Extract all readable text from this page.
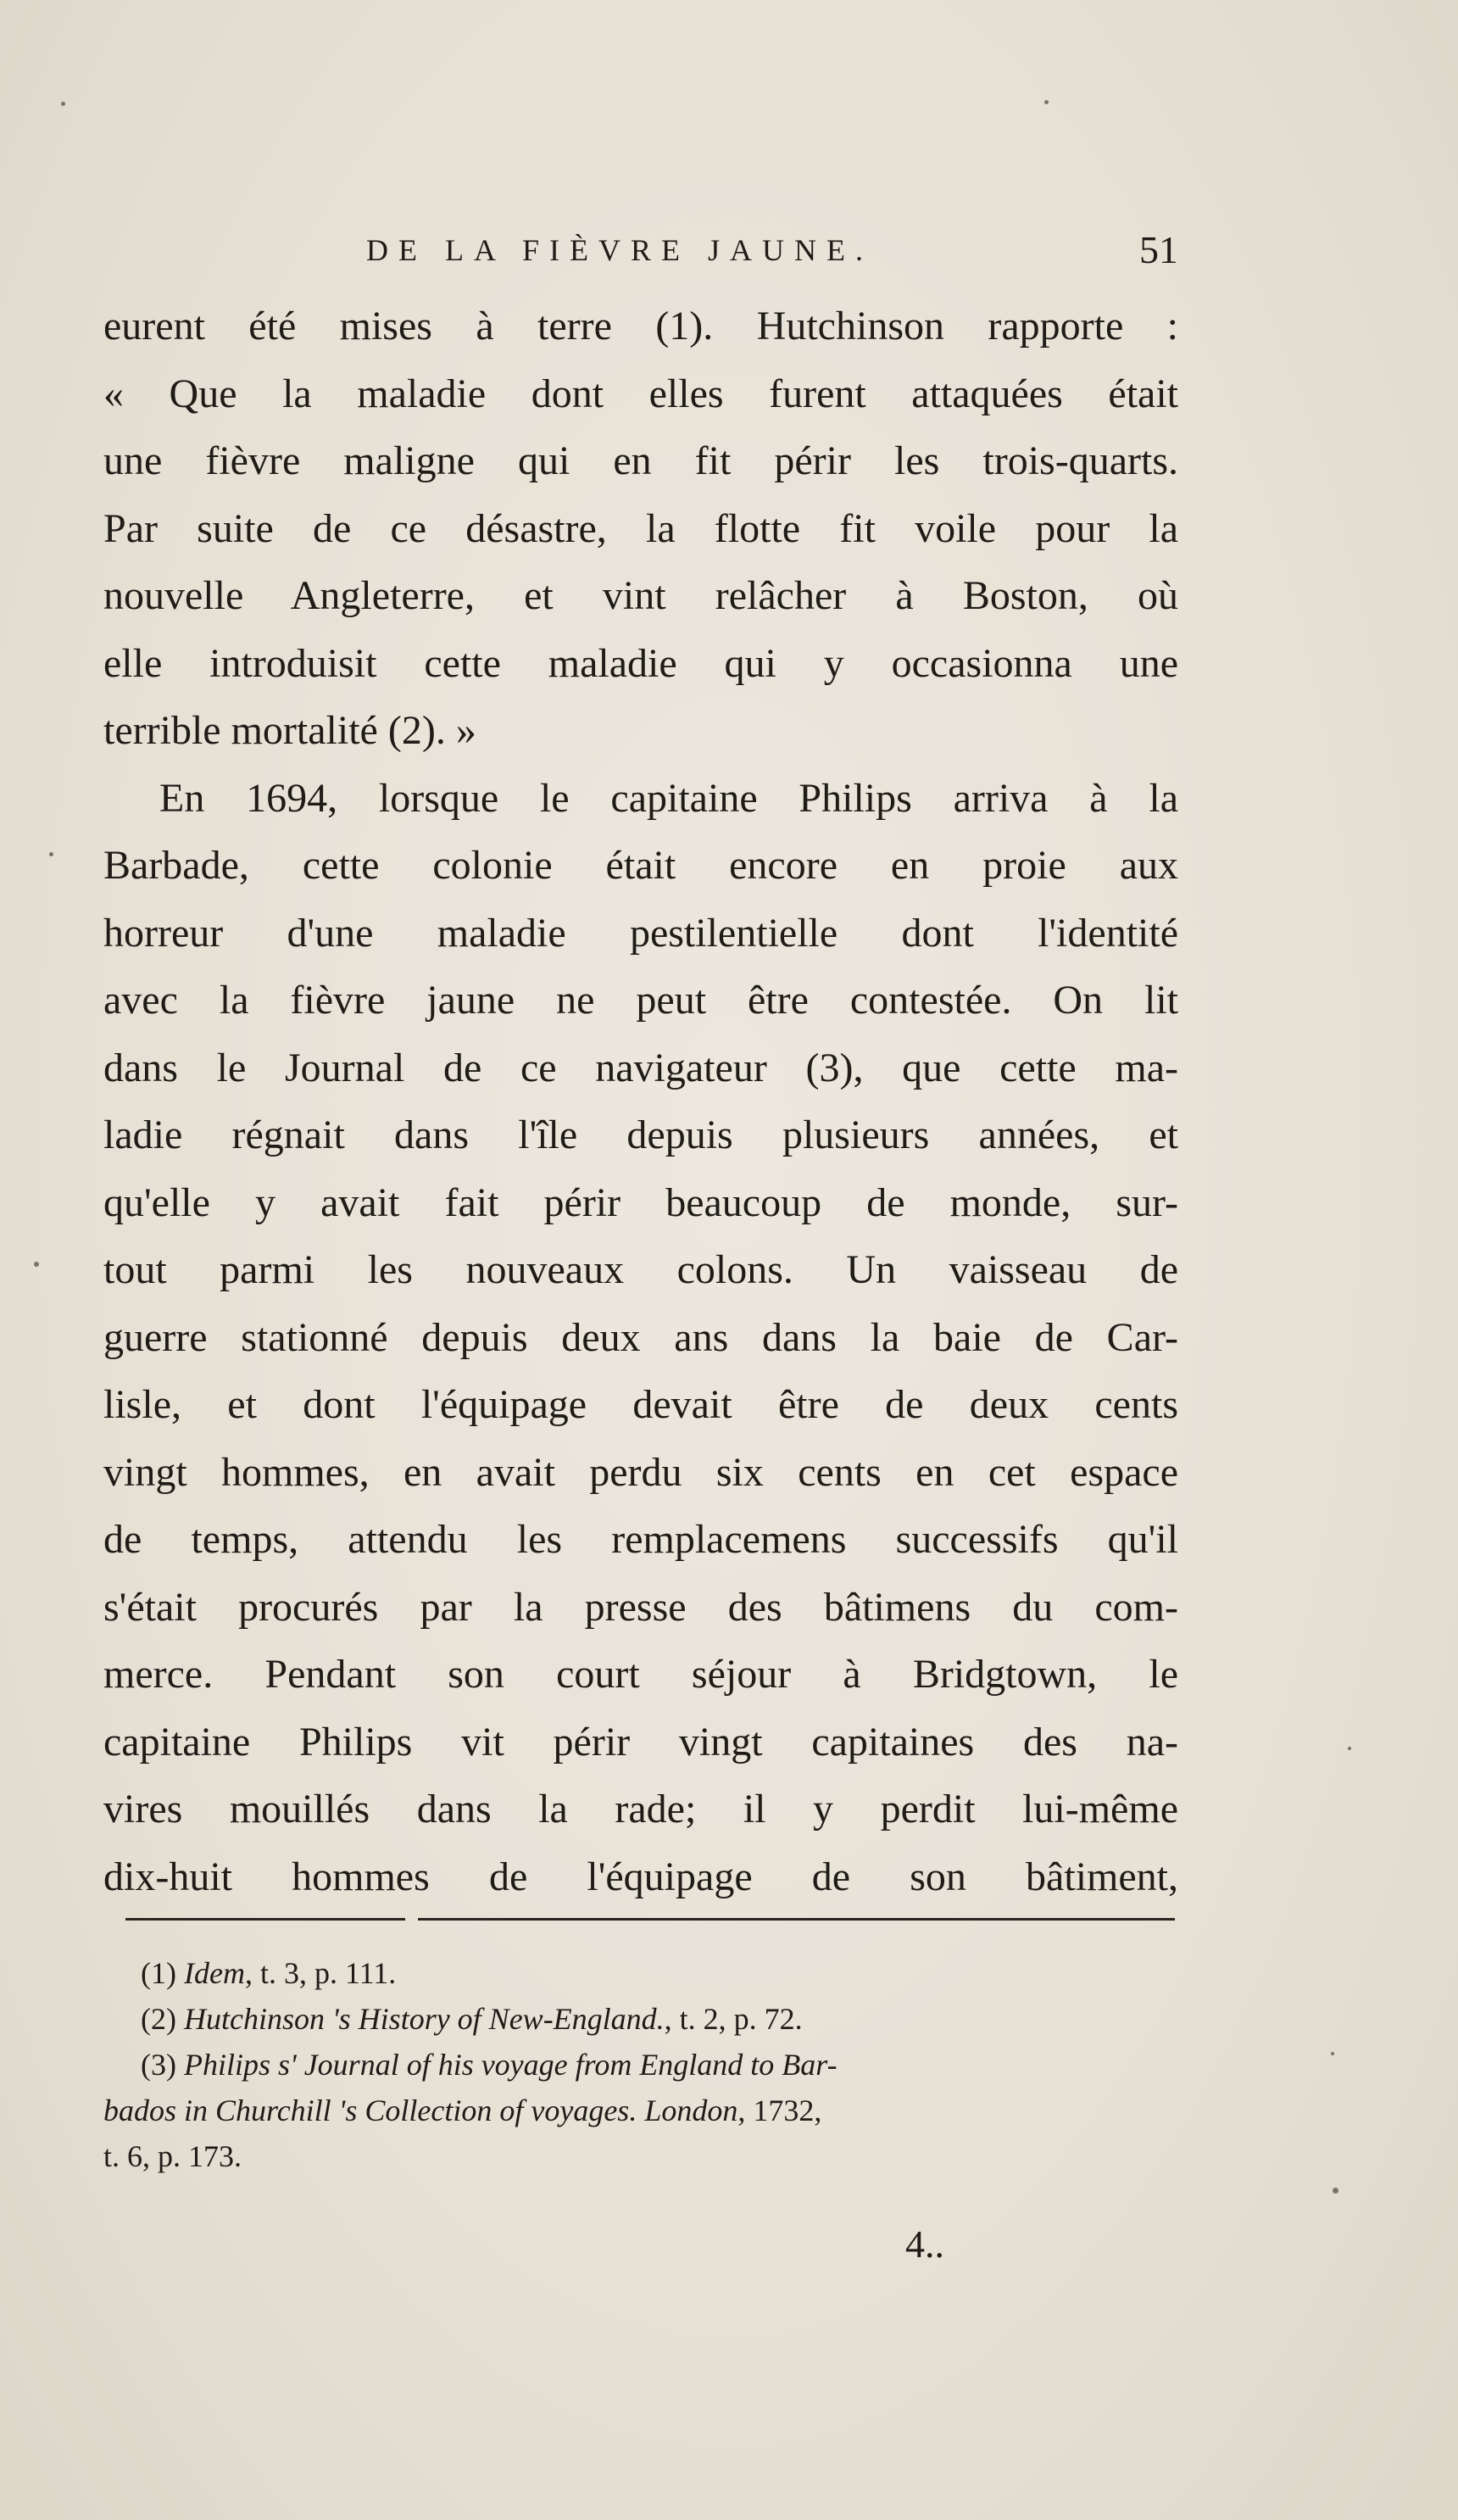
DE LA FIÈVRE JAUNE.	51
eurent été mises à terre (1). Hutchinson rapporte :
« Que la maladie dont elles furent attaquées était
une fièvre maligne qui en fit périr les trois-quarts.
Par suite de ce désastre, la flotte fit voile pour la
nouvelle Angleterre, et vint relâcher à Boston, où
elle introduisit cette maladie qui y occasionna une
terrible mortalité (2). »
En 1694, lorsque le capitaine Philips arriva à la
Barbade, cette colonie était encore en proie aux
horreur d'une maladie pestilentielle dont l'identité
avec la fièvre jaune ne peut être contestée. On lit
dans le Journal de ce navigateur (3), que cette ma-
ladie régnait dans l'île depuis plusieurs années, et
qu'elle y avait fait périr beaucoup de monde, sur-
tout parmi les nouveaux colons. Un vaisseau de
guerre stationné depuis deux ans dans la baie de Car-
lisle, et dont l'équipage devait être de deux cents
vingt hommes, en avait perdu six cents en cet espace
de temps, attendu les remplacemens successifs qu'il
s'était procurés par la presse des bâtimens du com-
merce. Pendant son court séjour à Bridgtown, le
capitaine Philips vit périr vingt capitaines des na-
vires mouillés dans la rade; il y perdit lui-même
dix-huit hommes de l'équipage de son bâtiment,
(1) Idem, t. 3, p. 111.
(2) Hutchinson 's History of New-England., t. 2, p. 72.
(3) Philips s' Journal of his voyage from England to Bar-
bados in Churchill 's Collection of voyages. London, 1732,
t. 6, p. 173.
4..
